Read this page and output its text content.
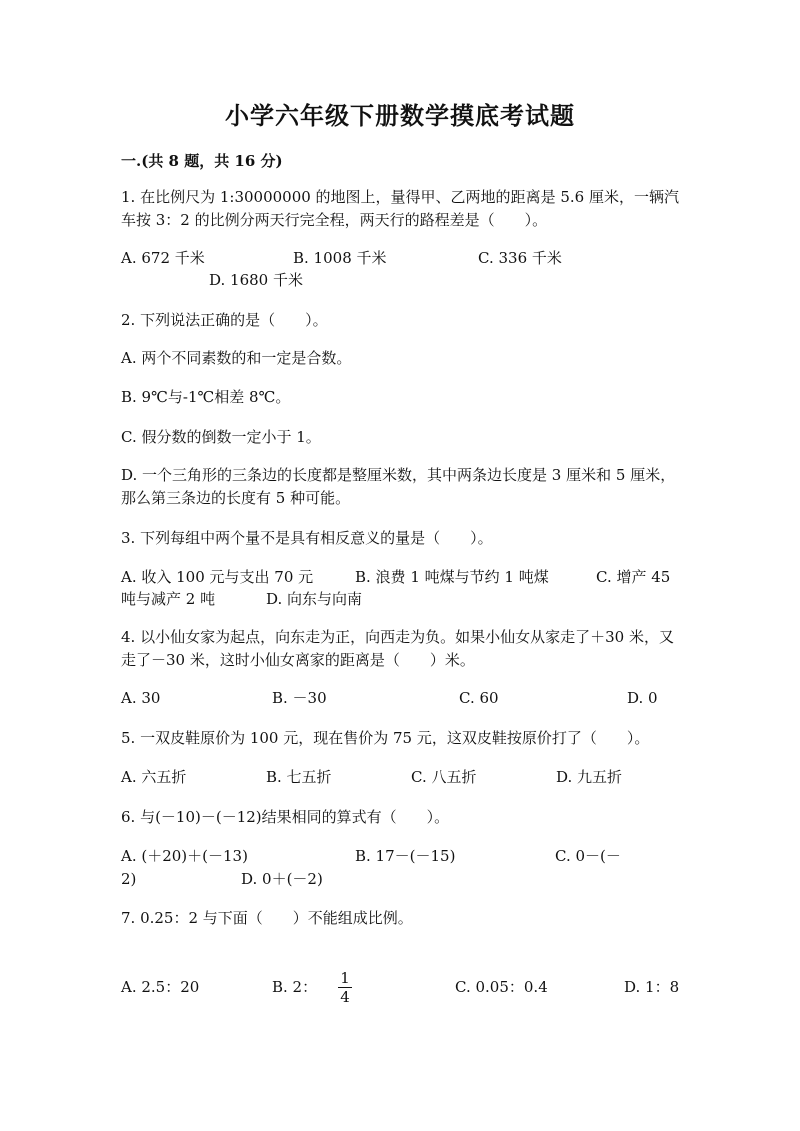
小学六年级下册数学摸底考试题
一.(共 8 题，共 16 分)
1. 在比例尺为 1:30000000 的地图上，量得甲、乙两地的距离是 5.6 厘米，一辆汽车按 3：2 的比例分两天行完全程，两天行的路程差是（　　）。
A. 672 千米	B. 1008 千米	C. 336 千米
D. 1680 千米
2. 下列说法正确的是（　　）。
A. 两个不同素数的和一定是合数。
B. 9℃与-1℃相差 8℃。
C. 假分数的倒数一定小于 1。
D. 一个三角形的三条边的长度都是整厘米数，其中两条边长度是 3 厘米和 5 厘米，那么第三条边的长度有 5 种可能。
3. 下列每组中两个量不是具有相反意义的量是（　　）。
A. 收入 100 元与支出 70 元	B. 浪费 1 吨煤与节约 1 吨煤	C. 增产 45
吨与减产 2 吨	D. 向东与向南
4. 以小仙女家为起点，向东走为正，向西走为负。如果小仙女从家走了＋30 米，又走了－30 米，这时小仙女离家的距离是（　　）米。
A. 30	B. －30	C. 60	D. 0
5. 一双皮鞋原价为 100 元，现在售价为 75 元，这双皮鞋按原价打了（　　）。
A. 六五折	B. 七五折	C. 八五折	D. 九五折
6. 与(－10)－(－12)结果相同的算式有（　　）。
A. (＋20)＋(－13)	B. 17－(－15)	C. 0－(－
2)	D. 0＋(－2)
7. 0.25：2 与下面（　　）不能组成比例。
A. 2.5：20	B. 2： 1
4
C. 0.05：0.4	D. 1：8
